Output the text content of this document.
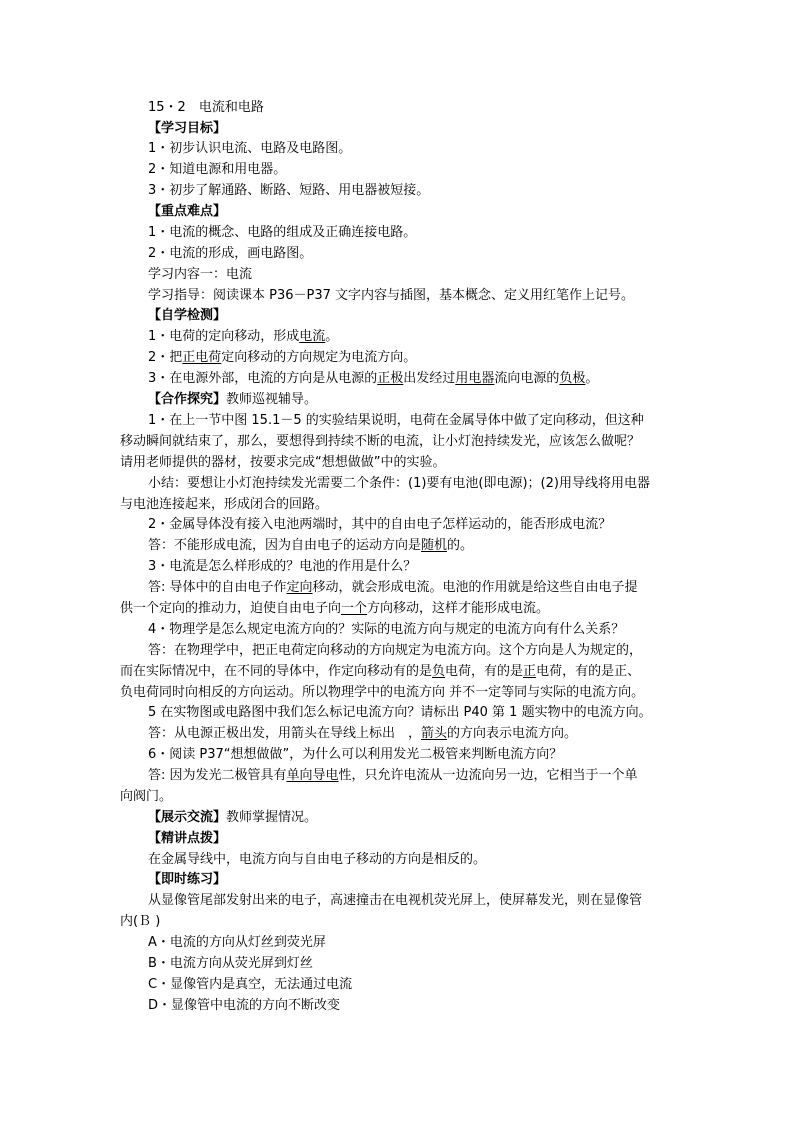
15・2　电流和电路
【学习目标】
1・初步认识电流、电路及电路图。
2・知道电源和用电器。
3・初步了解通路、断路、短路、用电器被短接。
【重点难点】
1・电流的概念、电路的组成及正确连接电路。
2・电流的形成，画电路图。
学习内容一：电流
学习指导：阅读课本 P36－P37 文字内容与插图，基本概念、定义用红笔作上记号。
【自学检测】
1・电荷的定向移动，形成电流。
2・把正电荷定向移动的方向规定为电流方向。
3・在电源外部，电流的方向是从电源的正极出发经过用电器流向电源的负极。
【合作探究】教师巡视辅导。
1・在上一节中图 15.1－5 的实验结果说明，电荷在金属导体中做了定向移动，但这种
移动瞬间就结束了，那么，要想得到持续不断的电流，让小灯泡持续发光，应该怎么做呢？
请用老师提供的器材，按要求完成“想想做做”中的实验。
小结：要想让小灯泡持续发光需要二个条件：(1)要有电池(即电源)；(2)用导线将用电器
与电池连接起来，形成闭合的回路。
2・金属导体没有接入电池两端时，其中的自由电子怎样运动的，能否形成电流？
答：不能形成电流，因为自由电子的运动方向是随机的。
3・电流是怎么样形成的？电池的作用是什么？
答: 导体中的自由电子作定向移动，就会形成电流。电池的作用就是给这些自由电子提
供一个定向的推动力，迫使自由电子向一个方向移动，这样才能形成电流。
4・物理学是怎么规定电流方向的？实际的电流方向与规定的电流方向有什么关系？
答：在物理学中，把正电荷定向移动的方向规定为电流方向。这个方向是人为规定的，
而在实际情况中，在不同的导体中，作定向移动有的是负电荷，有的是正电荷，有的是正、
负电荷同时向相反的方向运动。所以物理学中的电流方向 并不一定等同与实际的电流方向。
5 在实物图或电路图中我们怎么标记电流方向？请标出 P40 第 1 题实物中的电流方向。
答：从电源正极出发，用箭头在导线上标出　，箭头的方向表示电流方向。
6・阅读 P37“想想做做”，为什么可以利用发光二极管来判断电流方向？
答: 因为发光二极管具有单向导电性，只允许电流从一边流向另一边，它相当于一个单
向阀门。
【展示交流】教师掌握情况。
【精讲点拨】
在金属导线中，电流方向与自由电子移动的方向是相反的。
【即时练习】
从显像管尾部发射出来的电子，高速撞击在电视机荧光屏上，使屏幕发光，则在显像管
内(Ｂ )
A・电流的方向从灯丝到荧光屏
B・电流方向从荧光屏到灯丝
C・显像管内是真空，无法通过电流
D・显像管中电流的方向不断改变
